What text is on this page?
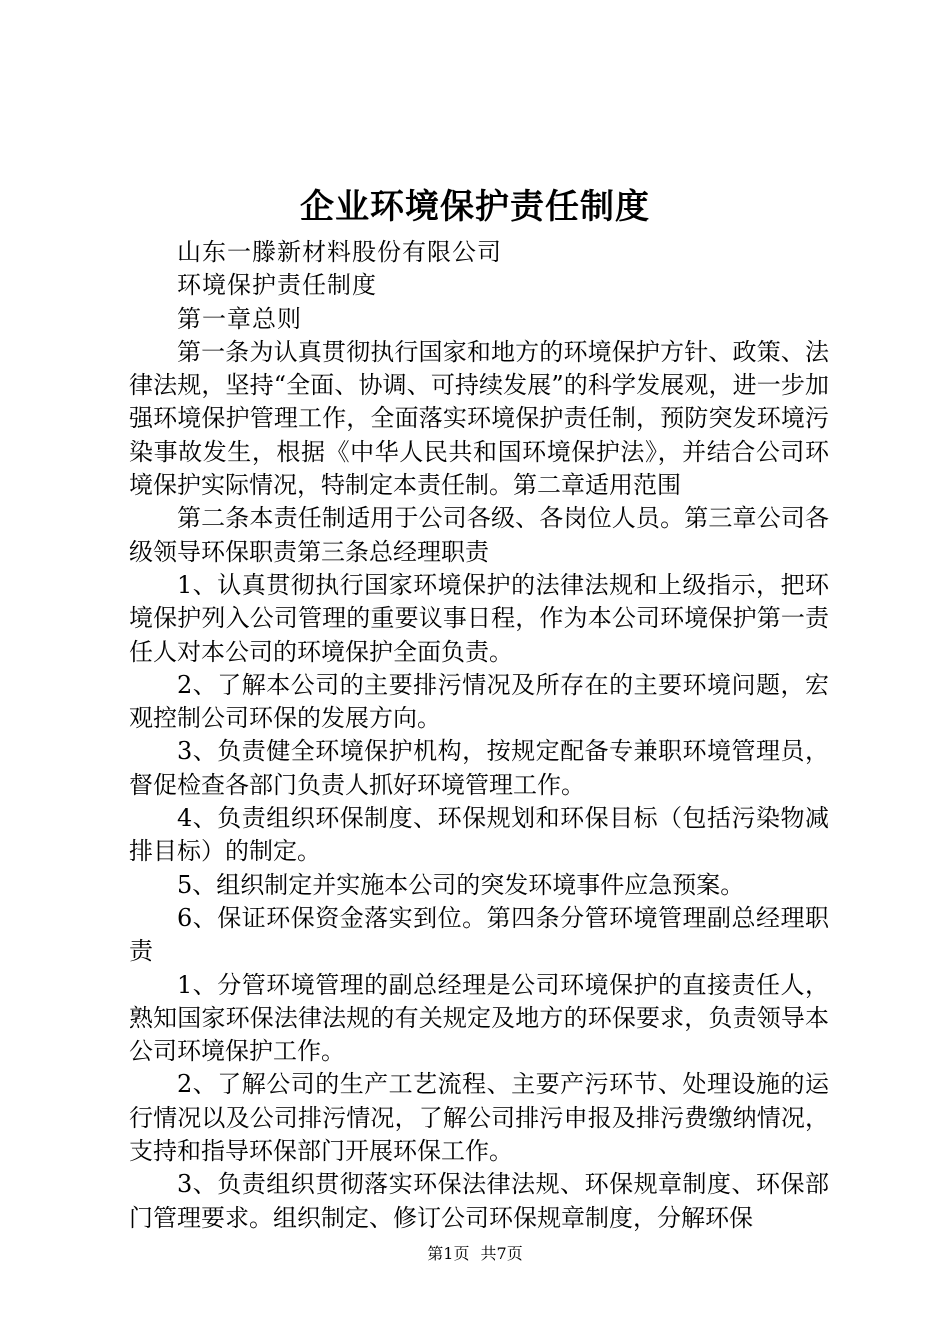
企业环境保护责任制度

山东一滕新材料股份有限公司

环境保护责任制度

第一章总则

第一条为认真贯彻执行国家和地方的环境保护方针、政策、法律法规，坚持“全面、协调、可持续发展”的科学发展观，进一步加强环境保护管理工作，全面落实环境保护责任制，预防突发环境污染事故发生，根据《中华人民共和国环境保护法》，并结合公司环境保护实际情况，特制定本责任制。第二章适用范围

第二条本责任制适用于公司各级、各岗位人员。第三章公司各级领导环保职责第三条总经理职责

1、认真贯彻执行国家环境保护的法律法规和上级指示，把环境保护列入公司管理的重要议事日程，作为本公司环境保护第一责任人对本公司的环境保护全面负责。

2、了解本公司的主要排污情况及所存在的主要环境问题，宏观控制公司环保的发展方向。

3、负责健全环境保护机构，按规定配备专兼职环境管理员，督促检查各部门负责人抓好环境管理工作。

4、负责组织环保制度、环保规划和环保目标（包括污染物减排目标）的制定。

5、组织制定并实施本公司的突发环境事件应急预案。

6、保证环保资金落实到位。第四条分管环境管理副总经理职责

1、分管环境管理的副总经理是公司环境保护的直接责任人，熟知国家环保法律法规的有关规定及地方的环保要求，负责领导本公司环境保护工作。

2、了解公司的生产工艺流程、主要产污环节、处理设施的运行情况以及公司排污情况，了解公司排污申报及排污费缴纳情况，支持和指导环保部门开展环保工作。

3、负责组织贯彻落实环保法律法规、环保规章制度、环保部门管理要求。组织制定、修订公司环保规章制度，分解环保

第1页 共7页
